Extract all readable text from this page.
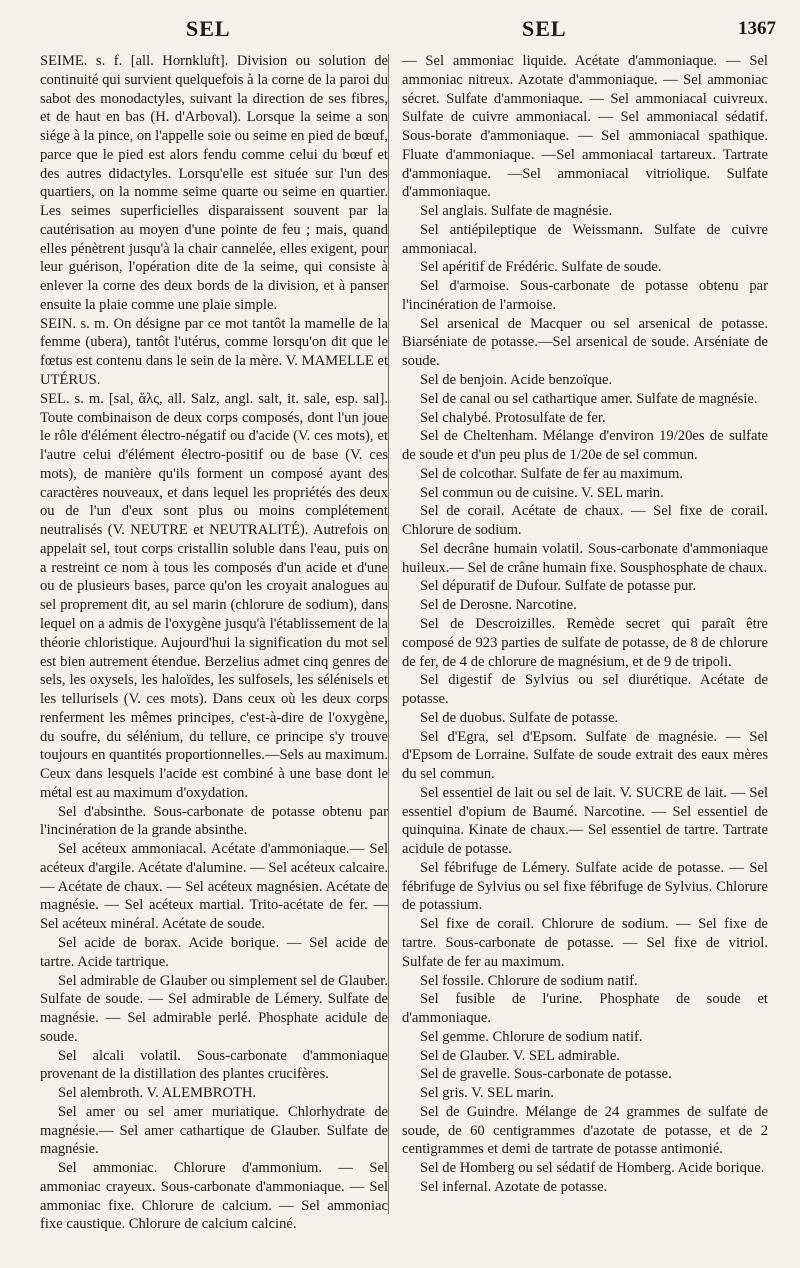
SEL	SEL	1367

SEIME. s. f. [all. Hornkluft]. Division ou solution de continuité qui survient quelquefois à la corne de la paroi du sabot des monodactyles, suivant la direction de ses fibres, et de haut en bas (H. d'Arboval). Lorsque la seime a son siége à la pince, on l'appelle soie ou seime en pied de bœuf, parce que le pied est alors fendu comme celui du bœuf et des autres didactyles. Lorsqu'elle est située sur l'un des quartiers, on la nomme seime quarte ou seime en quartier. Les seimes superficielles disparaissent souvent par la cautérisation au moyen d'une pointe de feu ; mais, quand elles pénètrent jusqu'à la chair cannelée, elles exigent, pour leur guérison, l'opération dite de la seime, qui consiste à enlever la corne des deux bords de la division, et à panser ensuite la plaie comme une plaie simple.

SEIN. s. m. On désigne par ce mot tantôt la mamelle de la femme (ubera), tantôt l'utérus, comme lorsqu'on dit que le fœtus est contenu dans le sein de la mère. V. MAMELLE et UTÉRUS.

SEL. s. m. [sal, ἅλς, all. Salz, angl. salt, it. sale, esp. sal]. Toute combinaison de deux corps composés, dont l'un joue le rôle d'élément électro-négatif ou d'acide (V. ces mots), et l'autre celui d'élément électro-positif ou de base (V. ces mots), de manière qu'ils forment un composé ayant des caractères nouveaux, et dans lequel les propriétés des deux ou de l'un d'eux sont plus ou moins complétement neutralisés (V. NEUTRE et NEUTRALITÉ). Autrefois on appelait sel, tout corps cristallin soluble dans l'eau, puis on a restreint ce nom à tous les composés d'un acide et d'une ou de plusieurs bases, parce qu'on les croyait analogues au sel proprement dit, au sel marin (chlorure de sodium), dans lequel on a admis de l'oxygène jusqu'à l'établissement de la théorie chloristique. Aujourd'hui la signification du mot sel est bien autrement étendue. Berzelius admet cinq genres de sels, les oxysels, les haloïdes, les sulfosels, les sélénisels et les tellurisels (V. ces mots). Dans ceux où les deux corps renferment les mêmes principes, c'est-à-dire de l'oxygène, du soufre, du sélénium, du tellure, ce principe s'y trouve toujours en quantités proportionnelles.—Sels au maximum. Ceux dans lesquels l'acide est combiné à une base dont le métal est au maximum d'oxydation.

Sel d'absinthe. Sous-carbonate de potasse obtenu par l'incinération de la grande absinthe.

Sel acéteux ammoniacal. Acétate d'ammoniaque.— Sel acéteux d'argile. Acétate d'alumine. — Sel acéteux calcaire. — Acétate de chaux. — Sel acéteux magnésien. Acétate de magnésie. — Sel acéteux martial. Trito-acétate de fer. — Sel acéteux minéral. Acétate de soude.

Sel acide de borax. Acide borique. — Sel acide de tartre. Acide tartrique.

Sel admirable de Glauber ou simplement sel de Glauber. Sulfate de soude. — Sel admirable de Lémery. Sulfate de magnésie. — Sel admirable perlé. Phosphate acidule de soude.

Sel alcali volatil. Sous-carbonate d'ammoniaque provenant de la distillation des plantes crucifères.

Sel alembroth. V. ALEMBROTH.

Sel amer ou sel amer muriatique. Chlorhydrate de magnésie.— Sel amer cathartique de Glauber. Sulfate de magnésie.

Sel ammoniac. Chlorure d'ammonium. — Sel ammoniac crayeux. Sous-carbonate d'ammoniaque. — Sel ammoniac fixe. Chlorure de calcium. — Sel ammoniac fixe caustique. Chlorure de calcium calciné.

— Sel ammoniac liquide. Acétate d'ammoniaque. — Sel ammoniac nitreux. Azotate d'ammoniaque. — Sel ammoniac sécret. Sulfate d'ammoniaque. — Sel ammoniacal cuivreux. Sulfate de cuivre ammoniacal. — Sel ammoniacal sédatif. Sous-borate d'ammoniaque. — Sel ammoniacal spathique. Fluate d'ammoniaque. —Sel ammoniacal tartareux. Tartrate d'ammoniaque. —Sel ammoniacal vitriolique. Sulfate d'ammoniaque.

Sel anglais. Sulfate de magnésie.

Sel antiépileptique de Weissmann. Sulfate de cuivre ammoniacal.

Sel apéritif de Frédéric. Sulfate de soude.

Sel d'armoise. Sous-carbonate de potasse obtenu par l'incinération de l'armoise.

Sel arsenical de Macquer ou sel arsenical de potasse. Biarséniate de potasse.—Sel arsenical de soude. Arséniate de soude.

Sel de benjoin. Acide benzoïque.

Sel de canal ou sel cathartique amer. Sulfate de magnésie.

Sel chalybé. Protosulfate de fer.

Sel de Cheltenham. Mélange d'environ 19/20es de sulfate de soude et d'un peu plus de 1/20e de sel commun.

Sel de colcothar. Sulfate de fer au maximum.

Sel commun ou de cuisine. V. SEL marin.

Sel de corail. Acétate de chaux. — Sel fixe de corail. Chlorure de sodium.

Sel decrâne humain volatil. Sous-carbonate d'ammoniaque huileux.— Sel de crâne humain fixe. Sousphosphate de chaux.

Sel dépuratif de Dufour. Sulfate de potasse pur.

Sel de Derosne. Narcotine.

Sel de Descroizilles. Remède secret qui paraît être composé de 923 parties de sulfate de potasse, de 8 de chlorure de fer, de 4 de chlorure de magnésium, et de 9 de tripoli.

Sel digestif de Sylvius ou sel diurétique. Acétate de potasse.

Sel de duobus. Sulfate de potasse.

Sel d'Egra, sel d'Epsom. Sulfate de magnésie. — Sel d'Epsom de Lorraine. Sulfate de soude extrait des eaux mères du sel commun.

Sel essentiel de lait ou sel de lait. V. SUCRE de lait. — Sel essentiel d'opium de Baumé. Narcotine. — Sel essentiel de quinquina. Kinate de chaux.— Sel essentiel de tartre. Tartrate acidule de potasse.

Sel fébrifuge de Lémery. Sulfate acide de potasse. — Sel fébrifuge de Sylvius ou sel fixe fébrifuge de Sylvius. Chlorure de potassium.

Sel fixe de corail. Chlorure de sodium. — Sel fixe de tartre. Sous-carbonate de potasse. — Sel fixe de vitriol. Sulfate de fer au maximum.

Sel fossile. Chlorure de sodium natif.

Sel fusible de l'urine. Phosphate de soude et d'ammoniaque.

Sel gemme. Chlorure de sodium natif.

Sel de Glauber. V. SEL admirable.

Sel de gravelle. Sous-carbonate de potasse.

Sel gris. V. SEL marin.

Sel de Guindre. Mélange de 24 grammes de sulfate de soude, de 60 centigrammes d'azotate de potasse, et de 2 centigrammes et demi de tartrate de potasse antimonié.

Sel de Homberg ou sel sédatif de Homberg. Acide borique.

Sel infernal. Azotate de potasse.
